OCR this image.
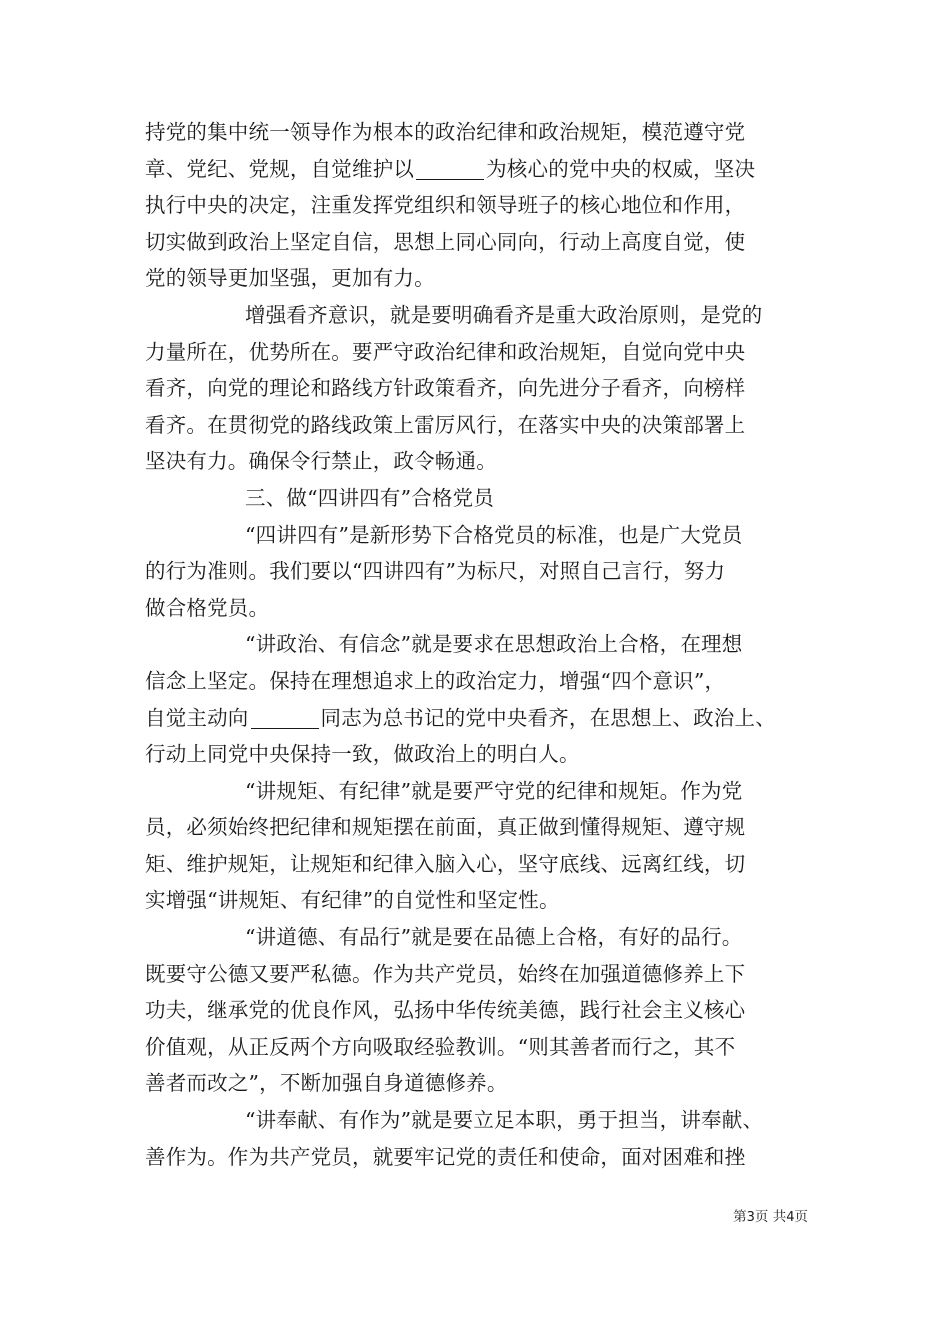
持党的集中统一领导作为根本的政治纪律和政治规矩，模范遵守党
章、党纪、党规，自觉维护以	为核心的党中央的权威，坚决
执行中央的决定，注重发挥党组织和领导班子的核心地位和作用，
切实做到政治上坚定自信，思想上同心同向，行动上高度自觉，使
党的领导更加坚强，更加有力。
增强看齐意识，就是要明确看齐是重大政治原则，是党的
力量所在，优势所在。要严守政治纪律和政治规矩，自觉向党中央
看齐，向党的理论和路线方针政策看齐，向先进分子看齐，向榜样
看齐。在贯彻党的路线政策上雷厉风行，在落实中央的决策部署上
坚决有力。确保令行禁止，政令畅通。
三、做“四讲四有”合格党员
“四讲四有”是新形势下合格党员的标准，也是广大党员
的行为准则。我们要以“四讲四有”为标尺，对照自己言行，努力
做合格党员。
“讲政治、有信念”就是要求在思想政治上合格，在理想
信念上坚定。保持在理想追求上的政治定力，增强“四个意识”，
自觉主动向	同志为总书记的党中央看齐，在思想上、政治上、
行动上同党中央保持一致，做政治上的明白人。
“讲规矩、有纪律”就是要严守党的纪律和规矩。作为党
员，必须始终把纪律和规矩摆在前面，真正做到懂得规矩、遵守规
矩、维护规矩，让规矩和纪律入脑入心，坚守底线、远离红线，切
实增强“讲规矩、有纪律”的自觉性和坚定性。
“讲道德、有品行”就是要在品德上合格，有好的品行。
既要守公德又要严私德。作为共产党员，始终在加强道德修养上下
功夫，继承党的优良作风，弘扬中华传统美德，践行社会主义核心
价值观，从正反两个方向吸取经验教训。“则其善者而行之，其不
善者而改之”，不断加强自身道德修养。
“讲奉献、有作为”就是要立足本职，勇于担当，讲奉献、
善作为。作为共产党员，就要牢记党的责任和使命，面对困难和挫
第3页 共4页
